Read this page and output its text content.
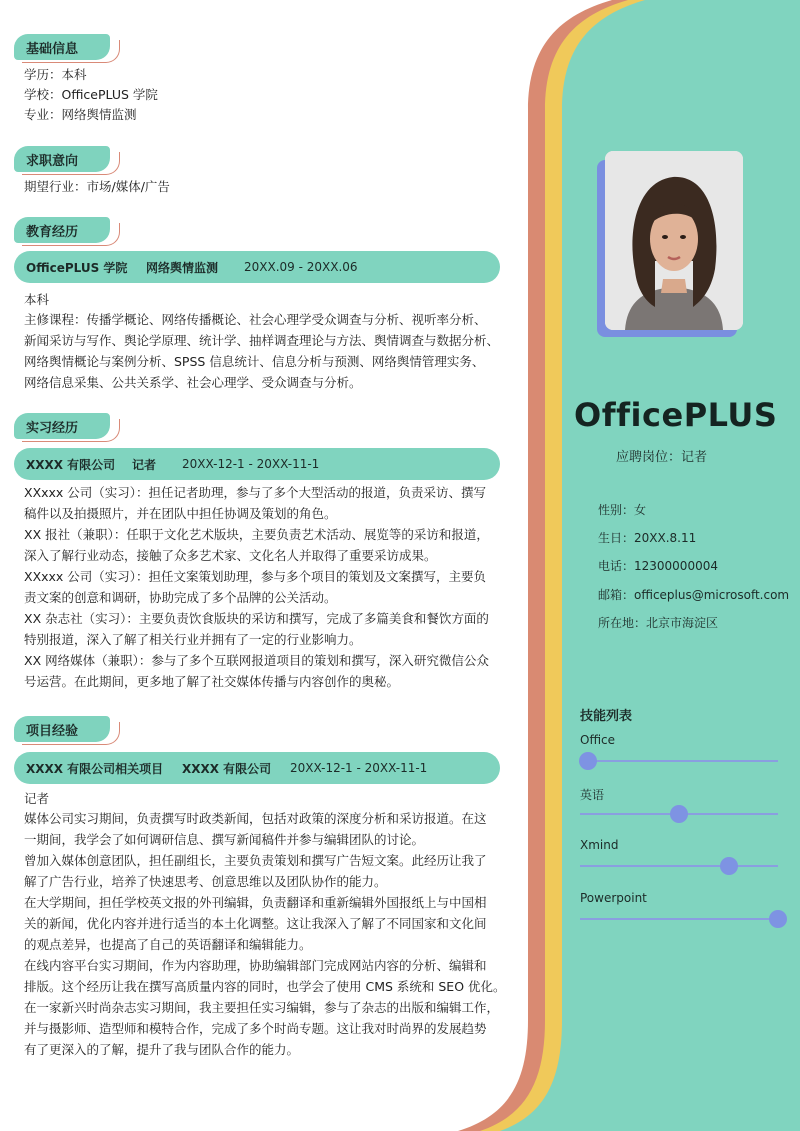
基础信息
学历：本科
学校：OfficePLUS 学院
专业：网络舆情监测
求职意向
期望行业：市场/媒体/广告
教育经历
OfficePLUS 学院	网络舆情监测	20XX.09 - 20XX.06
本科

主修课程：传播学概论、网络传播概论、社会心理学受众调查与分析、视听率分析、

新闻采访与写作、舆论学原理、统计学、抽样调查理论与方法、舆情调查与数据分析、

网络舆情概论与案例分析、SPSS 信息统计、信息分析与预测、网络舆情管理实务、

网络信息采集、公共关系学、社会心理学、受众调查与分析。

实习经历
XXXX 有限公司	记者	20XX-12-1 - 20XX-11-1

XXxxx 公司（实习）：担任记者助理，参与了多个大型活动的报道，负责采访、撰写

稿件以及拍摄照片，并在团队中担任协调及策划的角色。

XX 报社（兼职）：任职于文化艺术版块，主要负责艺术活动、展览等的采访和报道，

深入了解行业动态，接触了众多艺术家、文化名人并取得了重要采访成果。

XXxxx 公司（实习）：担任文案策划助理，参与多个项目的策划及文案撰写，主要负

责文案的创意和调研，协助完成了多个品牌的公关活动。

XX 杂志社（实习）：主要负责饮食版块的采访和撰写，完成了多篇美食和餐饮方面的

特别报道，深入了解了相关行业并拥有了一定的行业影响力。

XX 网络媒体（兼职）：参与了多个互联网报道项目的策划和撰写，深入研究微信公众

号运营。在此期间，更多地了解了社交媒体传播与内容创作的奥秘。

项目经验
XXXX 有限公司相关项目	XXXX 有限公司	20XX-12-1 - 20XX-11-1
记者

媒体公司实习期间，负责撰写时政类新闻，包括对政策的深度分析和采访报道。在这

一期间，我学会了如何调研信息、撰写新闻稿件并参与编辑团队的讨论。

曾加入媒体创意团队，担任副组长，主要负责策划和撰写广告短文案。此经历让我了

解了广告行业，培养了快速思考、创意思维以及团队协作的能力。

在大学期间，担任学校英文报的外刊编辑，负责翻译和重新编辑外国报纸上与中国相

关的新闻，优化内容并进行适当的本土化调整。这让我深入了解了不同国家和文化间

的观点差异，也提高了自己的英语翻译和编辑能力。

在线内容平台实习期间，作为内容助理，协助编辑部门完成网站内容的分析、编辑和

排版。这个经历让我在撰写高质量内容的同时，也学会了使用 CMS 系统和 SEO 优化。

在一家新兴时尚杂志实习期间，我主要担任实习编辑，参与了杂志的出版和编辑工作，

并与摄影师、造型师和模特合作，完成了多个时尚专题。这让我对时尚界的发展趋势

有了更深入的了解，提升了我与团队合作的能力。

OfficePLUS
应聘岗位：记者
性别：女
生日：20XX.8.11
电话：12300000004
邮箱：officeplus@microsoft.com
所在地：北京市海淀区
技能列表
Office
英语
Xmind
Powerpoint
